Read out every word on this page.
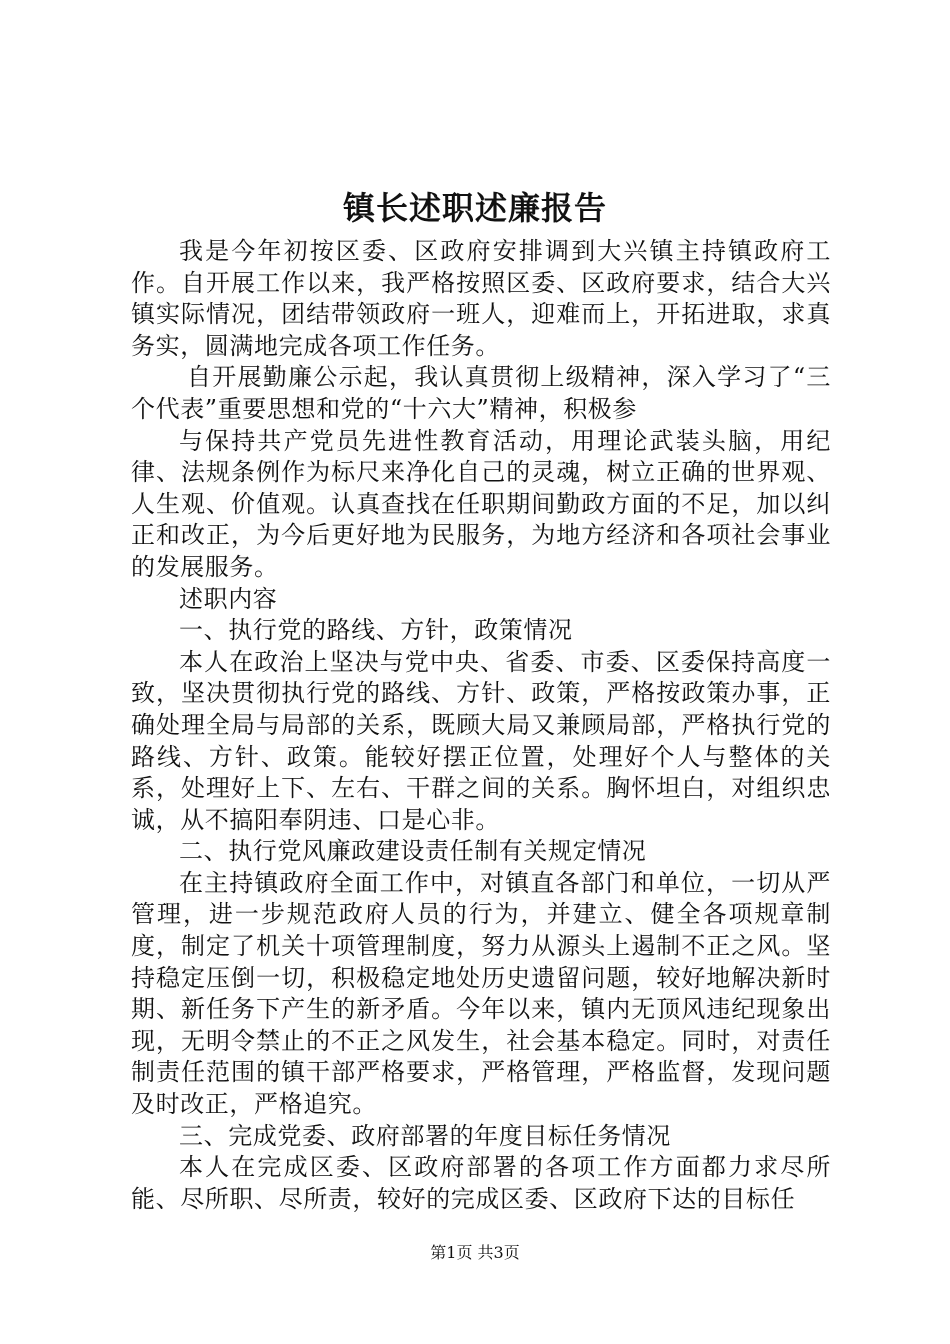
镇长述职述廉报告

我是今年初按区委、区政府安排调到大兴镇主持镇政府工作。自开展工作以来，我严格按照区委、区政府要求，结合大兴镇实际情况，团结带领政府一班人，迎难而上，开拓进取，求真务实，圆满地完成各项工作任务。

自开展勤廉公示起，我认真贯彻上级精神，深入学习了“三个代表”重要思想和党的“十六大”精神，积极参

与保持共产党员先进性教育活动，用理论武装头脑，用纪律、法规条例作为标尺来净化自己的灵魂，树立正确的世界观、人生观、价值观。认真查找在任职期间勤政方面的不足，加以纠正和改正，为今后更好地为民服务，为地方经济和各项社会事业的发展服务。

述职内容

一、执行党的路线、方针，政策情况

本人在政治上坚决与党中央、省委、市委、区委保持高度一致，坚决贯彻执行党的路线、方针、政策，严格按政策办事，正确处理全局与局部的关系，既顾大局又兼顾局部，严格执行党的路线、方针、政策。能较好摆正位置，处理好个人与整体的关系，处理好上下、左右、干群之间的关系。胸怀坦白，对组织忠诚，从不搞阳奉阴违、口是心非。

二、执行党风廉政建设责任制有关规定情况

在主持镇政府全面工作中，对镇直各部门和单位，一切从严管理，进一步规范政府人员的行为，并建立、健全各项规章制度，制定了机关十项管理制度，努力从源头上遏制不正之风。坚持稳定压倒一切，积极稳定地处历史遗留问题，较好地解决新时期、新任务下产生的新矛盾。今年以来，镇内无顶风违纪现象出现，无明令禁止的不正之风发生，社会基本稳定。同时，对责任制责任范围的镇干部严格要求，严格管理，严格监督，发现问题及时改正，严格追究。

三、完成党委、政府部署的年度目标任务情况

本人在完成区委、区政府部署的各项工作方面都力求尽所能、尽所职、尽所责，较好的完成区委、区政府下达的目标任

第1页 共3页
